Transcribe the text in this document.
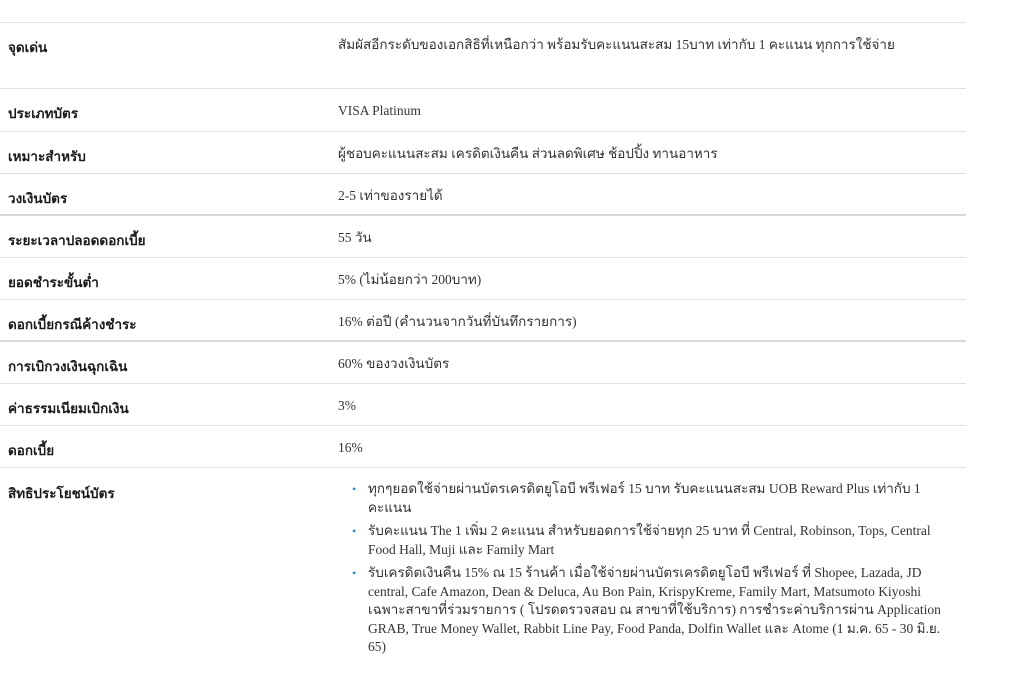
จุดเด่น	สัมผัสอีกระดับของเอกสิธิที่เหนือกว่า พร้อมรับคะแนนสะสม 15บาท เท่ากับ 1 คะแนน ทุกการใช้จ่าย
ประเภทบัตร	VISA Platinum
เหมาะสำหรับ	ผู้ชอบคะแนนสะสม เครดิตเงินคืน ส่วนลดพิเศษ ช้อปปิ้ง ทานอาหาร
วงเงินบัตร	2-5 เท่าของรายได้
ระยะเวลาปลอดดอกเบี้ย	55 วัน
ยอดชำระขั้นต่ำ	5% (ไม่น้อยกว่า 200บาท)
ดอกเบี้ยกรณีค้างชำระ	16% ต่อปี (คำนวนจากวันที่บันทึกรายการ)
การเบิกวงเงินฉุกเฉิน	60% ของวงเงินบัตร
ค่าธรรมเนียมเบิกเงิน	3%
ดอกเบี้ย	16%
สิทธิประโยชน์บัตร	• ทุกๆยอดใช้จ่ายผ่านบัตรเครดิตยูโอบี พรีเฟอร์ 15 บาท รับคะแนนสะสม UOB Reward Plus เท่ากับ 1 คะแนน
• รับคะแนน The 1 เพิ่ม 2 คะแนน สำหรับยอดการใช้จ่ายทุก 25 บาท ที่ Central, Robinson, Tops, Central Food Hall, Muji และ Family Mart
• รับเครดิตเงินคืน 15% ณ 15 ร้านค้า เมื่อใช้จ่ายผ่านบัตรเครดิตยูโอบี พรีเฟอร์ ที่ Shopee, Lazada, JD central, Cafe Amazon, Dean & Deluca, Au Bon Pain, KrispyKreme, Family Mart, Matsumoto Kiyoshi เฉพาะสาขาที่ร่วมรายการ ( โปรดตรวจสอบ ณ สาขาที่ใช้บริการ) การชำระค่าบริการผ่าน Application GRAB, True Money Wallet, Rabbit Line Pay, Food Panda, Dolfin Wallet และ Atome (1 ม.ค. 65 - 30 มิ.ย. 65)
